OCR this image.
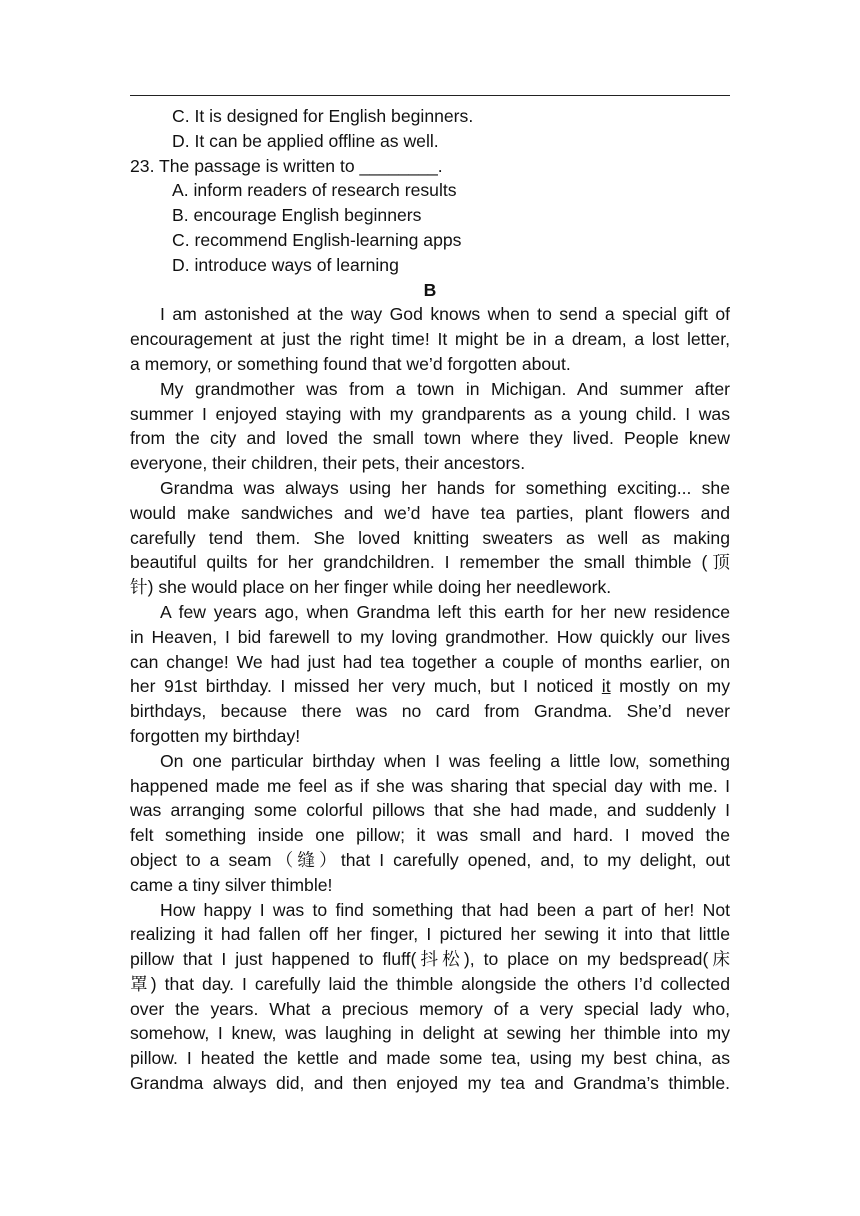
C. It is designed for English beginners.
D. It can be applied offline as well.
23. The passage is written to ________.
A. inform readers of research results
B. encourage English beginners
C. recommend English-learning apps
D. introduce ways of learning
B
I am astonished at the way God knows when to send a special gift of
encouragement at just the right time! It might be in a dream, a lost letter,
a memory, or something found that we’d forgotten about.
My grandmother was from a town in Michigan. And summer after
summer I enjoyed staying with my grandparents as a young child. I was
from the city and loved the small town where they lived. People knew
everyone, their children, their pets, their ancestors.
Grandma was always using her hands for something exciting... she
would make sandwiches and we’d have tea parties, plant flowers and
carefully tend them. She loved knitting sweaters as well as making
beautiful quilts for her grandchildren. I remember the small thimble (顶
针) she would place on her finger while doing her needlework.
A few years ago, when Grandma left this earth for her new residence
in Heaven, I bid farewell to my loving grandmother. How quickly our lives
can change! We had just had tea together a couple of months earlier, on
her 91st birthday. I missed her very much, but I noticed it mostly on my
birthdays, because there was no card from Grandma. She’d never
forgotten my birthday!
On one particular birthday when I was feeling a little low, something
happened made me feel as if she was sharing that special day with me. I
was arranging some colorful pillows that she had made, and suddenly I
felt something inside one pillow; it was small and hard. I moved the
object to a seam（缝）that I carefully opened, and, to my delight, out
came a tiny silver thimble!
How happy I was to find something that had been a part of her! Not
realizing it had fallen off her finger, I pictured her sewing it into that little
pillow that I just happened to fluff(抖松), to place on my bedspread(床
罩) that day. I carefully laid the thimble alongside the others I’d collected
over the years. What a precious memory of a very special lady who,
somehow, I knew, was laughing in delight at sewing her thimble into my
pillow. I heated the kettle and made some tea, using my best china, as
Grandma always did, and then enjoyed my tea and Grandma’s thimble.
